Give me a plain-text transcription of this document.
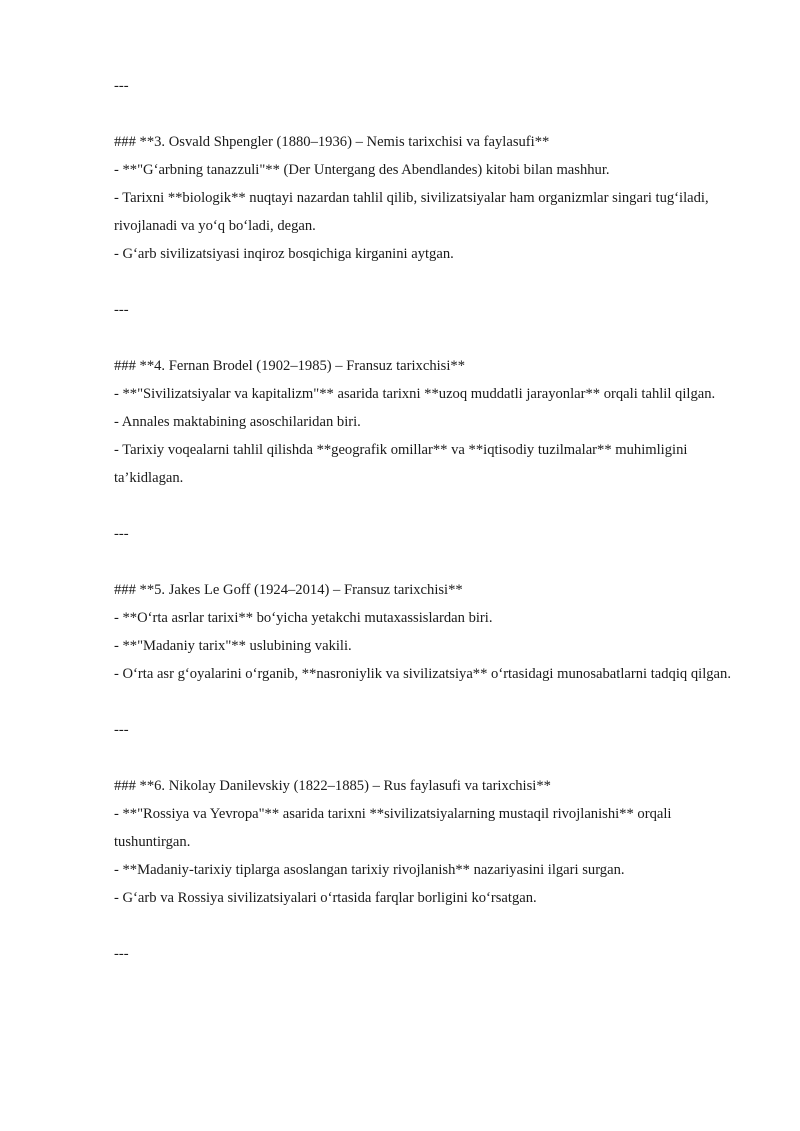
---
### **3. Osvald Shpengler (1880–1936) – Nemis tarixchisi va faylasufi**
- **"G‘arbning tanazzuli"** (Der Untergang des Abendlandes) kitobi bilan mashhur.
- Tarixni **biologik** nuqtayi nazardan tahlil qilib, sivilizatsiyalar ham organizmlar singari tug‘iladi, rivojlanadi va yo‘q bo‘ladi, degan.
- G‘arb sivilizatsiyasi inqiroz bosqichiga kirganini aytgan.
---
### **4. Fernan Brodel (1902–1985) – Fransuz tarixchisi**
- **"Sivilizatsiyalar va kapitalizm"** asarida tarixni **uzoq muddatli jarayonlar** orqali tahlil qilgan.
- Annales maktabining asoschilaridan biri.
- Tarixiy voqealarni tahlil qilishda **geografik omillar** va **iqtisodiy tuzilmalar** muhimligini ta’kidlagan.
---
### **5. Jakes Le Goff (1924–2014) – Fransuz tarixchisi**
- **O‘rta asrlar tarixi** bo‘yicha yetakchi mutaxassislardan biri.
- **"Madaniy tarix"** uslubining vakili.
- O‘rta asr g‘oyalarini o‘rganib, **nasroniylik va sivilizatsiya** o‘rtasidagi munosabatlarni tadqiq qilgan.
---
### **6. Nikolay Danilevskiy (1822–1885) – Rus faylasufi va tarixchisi**
- **"Rossiya va Yevropa"** asarida tarixni **sivilizatsiyalarning mustaqil rivojlanishi** orqali tushuntirgan.
- **Madaniy-tarixiy tiplarga asoslangan tarixiy rivojlanish** nazariyasini ilgari surgan.
- G‘arb va Rossiya sivilizatsiyalari o‘rtasida farqlar borligini ko‘rsatgan.
---
